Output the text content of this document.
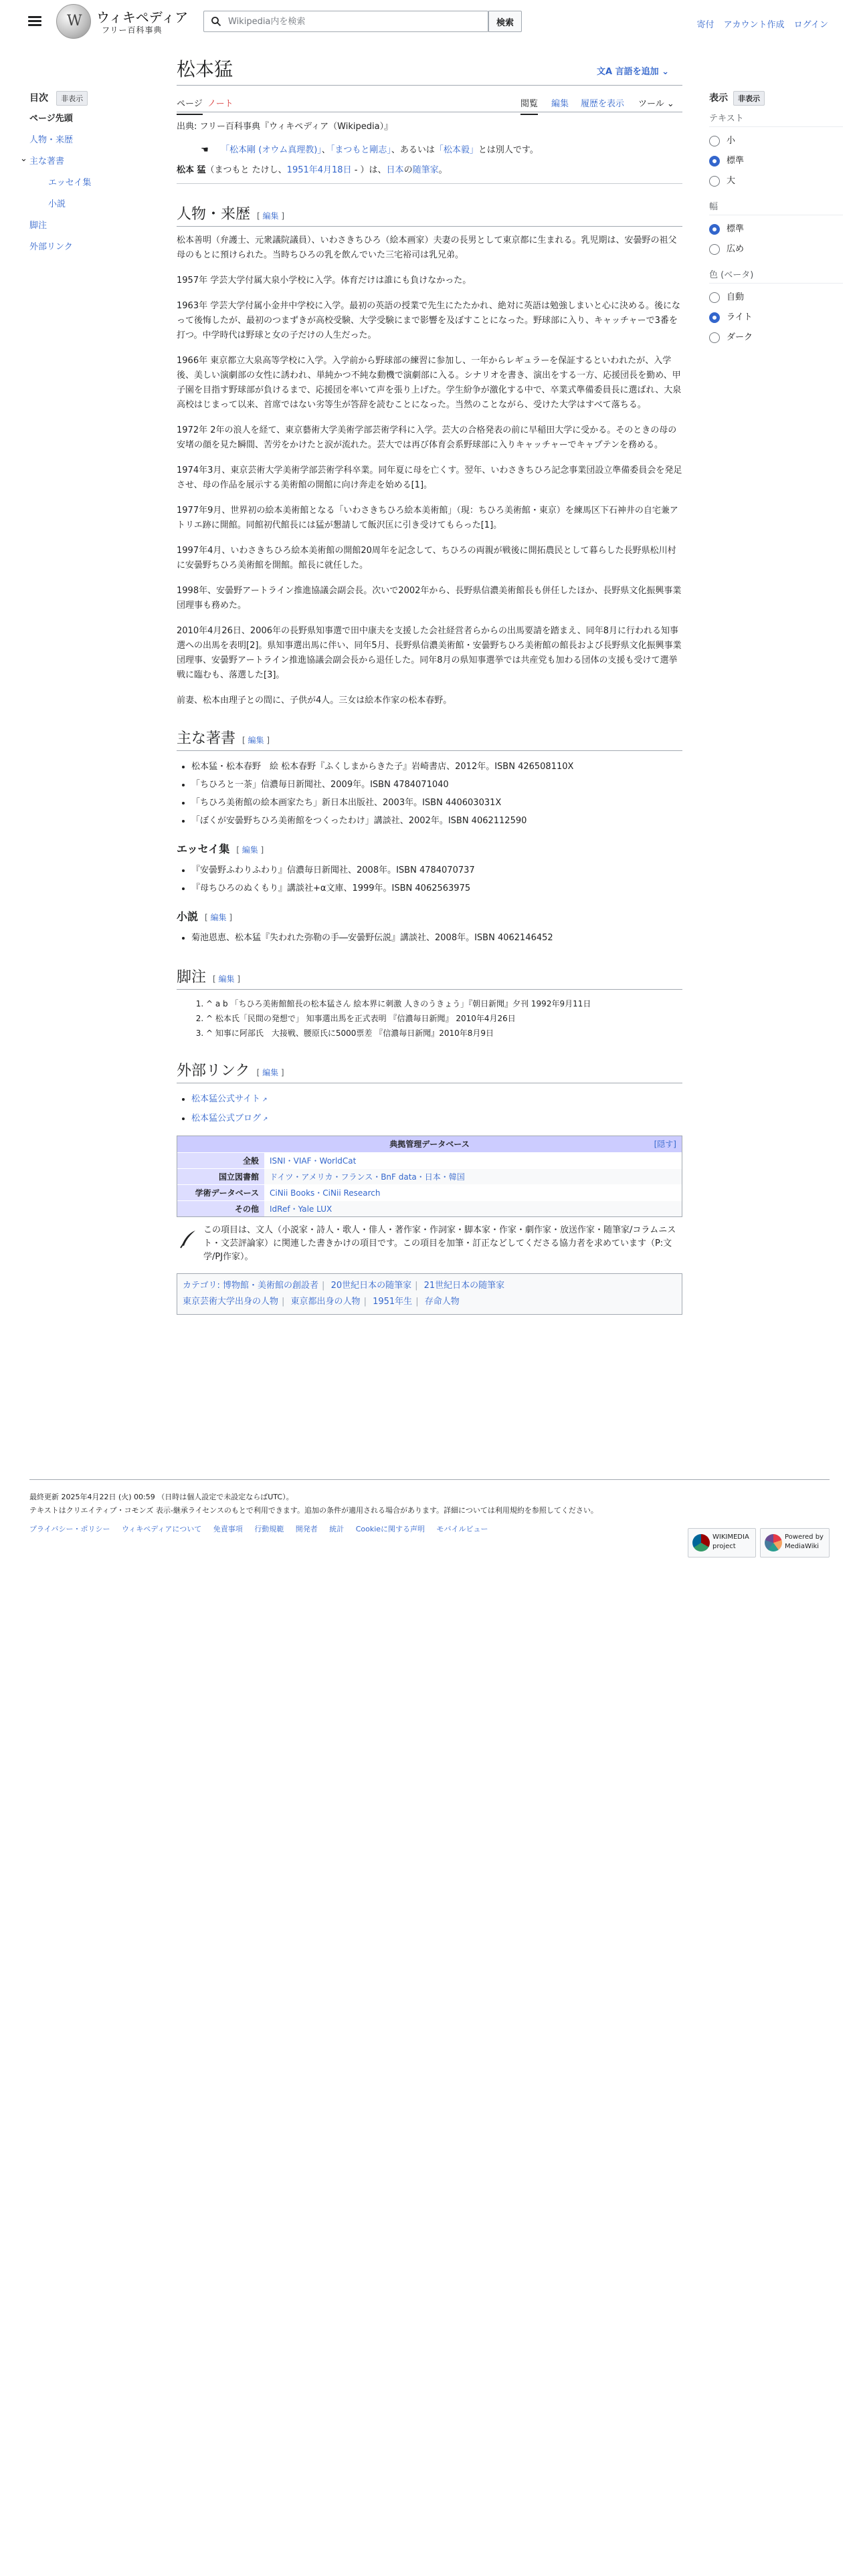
W
ウィキペディア
フリー百科事典
Wikipedia内を検索
検索	寄付 アカウント作成 ログイン
目次 非表示
ページ先頭
人物・来歴
⌄ 主な著書
エッセイ集
小説
脚注
外部リンク
松本猛	文A 言語を追加 ⌄
ページ ノート	閲覧 編集 履歴を表示 ツール ⌄
出典: フリー百科事典『ウィキペディア（Wikipedia）』
☚ 「松本剛 (オウム真理教)」、「まつもと剛志」、あるいは「松本毅」とは別人です。
松本 猛（まつもと たけし、1951年4月18日 - ）は、日本の随筆家。
人物・来歴 [ 編集 ]

松本善明（弁護士、元衆議院議員）、いわさきちひろ（絵本画家）夫妻の長男として東京都に生まれる。乳児期は、安曇野の祖父母のもとに預けられた。当時ちひろの乳を飲んでいた三宅裕司は乳兄弟。

1957年 学芸大学付属大泉小学校に入学。体育だけは誰にも負けなかった。

1963年 学芸大学付属小金井中学校に入学。最初の英語の授業で先生にたたかれ、絶対に英語は勉強しまいと心に決める。後になって後悔したが、最初のつまずきが高校受験、大学受験にまで影響を及ぼすことになった。野球部に入り、キャッチャーで3番を打つ。中学時代は野球と女の子だけの人生だった。

1966年 東京都立大泉高等学校に入学。入学前から野球部の練習に参加し、一年からレギュラーを保証するといわれたが、入学後、美しい演劇部の女性に誘われ、単純かつ不純な動機で演劇部に入る。シナリオを書き、演出をする一方、応援団長を勤め、甲子園を目指す野球部が負けるまで、応援団を率いて声を張り上げた。学生紛争が激化する中で、卒業式準備委員長に選ばれ、大泉高校はじまって以来、首席ではない劣等生が答辞を読むことになった。当然のことながら、受けた大学はすべて落ちる。

1972年 2年の浪人を経て、東京藝術大学美術学部芸術学科に入学。芸大の合格発表の前に早稲田大学に受かる。そのときの母の安堵の顔を見た瞬間、苦労をかけたと涙が流れた。芸大では再び体育会系野球部に入りキャッチャーでキャプテンを務める。

1974年3月、東京芸術大学美術学部芸術学科卒業。同年夏に母を亡くす。翌年、いわさきちひろ記念事業団設立準備委員会を発足させ、母の作品を展示する美術館の開館に向け奔走を始める[1]。

1977年9月、世界初の絵本美術館となる「いわさきちひろ絵本美術館」（現：ちひろ美術館・東京）を練馬区下石神井の自宅兼アトリエ跡に開館。同館初代館長には猛が懇請して飯沢匡に引き受けてもらった[1]。

1997年4月、いわさきちひろ絵本美術館の開館20周年を記念して、ちひろの両親が戦後に開拓農民として暮らした長野県松川村に安曇野ちひろ美術館を開館。館長に就任した。

1998年、安曇野アートライン推進協議会副会長。次いで2002年から、長野県信濃美術館長も併任したほか、長野県文化振興事業団理事も務めた。

2010年4月26日、2006年の長野県知事選で田中康夫を支援した会社経営者らからの出馬要請を踏まえ、同年8月に行われる知事選への出馬を表明[2]。県知事選出馬に伴い、同年5月、長野県信濃美術館・安曇野ちひろ美術館の館長および長野県文化振興事業団理事、安曇野アートライン推進協議会副会長から退任した。同年8月の県知事選挙では共産党も加わる団体の支援も受けて選挙戦に臨むも、落選した[3]。

前妻、松本由理子との間に、子供が4人。三女は絵本作家の松本春野。

主な著書 [ 編集 ]
• 松本猛・松本春野　絵 松本春野『ふくしまからきた子』岩崎書店、2012年。ISBN 426508110X
• 「ちひろと一茶」信濃毎日新聞社、2009年。ISBN 4784071040
• 「ちひろ美術館の絵本画家たち」新日本出版社、2003年。ISBN 440603031X
• 「ぼくが安曇野ちひろ美術館をつくったわけ」講談社、2002年。ISBN 4062112590
エッセイ集 [ 編集 ]
• 『安曇野ふわりふわり』信濃毎日新聞社、2008年。ISBN 4784070737
• 『母ちひろのぬくもり』講談社+α文庫、1999年。ISBN 4062563975
小説 [ 編集 ]
• 菊池恩恵、松本猛『失われた弥勒の手―安曇野伝説』講談社、2008年。ISBN 4062146452
脚注 [ 編集 ]
1. ^ a b 「ちひろ美術館館長の松本猛さん 絵本界に刺激 人きのうきょう」『朝日新聞』夕刊 1992年9月11日
2. ^ 松本氏「民間の発想で」 知事選出馬を正式表明 『信濃毎日新聞』 2010年4月26日
3. ^ 知事に阿部氏　大接戦、腰原氏に5000票差 『信濃毎日新聞』2010年8月9日
外部リンク [ 編集 ]
• 松本猛公式サイト ↗
• 松本猛公式ブログ ↗
典拠管理データベース	[隠す]
全般	ISNI・VIAF・WorldCat
国立図書館	ドイツ・アメリカ・フランス・BnF data・日本・韓国
学術データベース	CiNii Books・CiNii Research
その他	IdRef・Yale LUX
この項目は、文人（小説家・詩人・歌人・俳人・著作家・作詞家・脚本家・作家・劇作家・放送作家・随筆家/コラムニスト・文芸評論家）に関連した書きかけの項目です。この項目を加筆・訂正などしてくださる協力者を求めています（P:文学/PJ作家）。
カテゴリ: 博物館・美術館の創設者 | 20世紀日本の随筆家 | 21世紀日本の随筆家
東京芸術大学出身の人物 | 東京都出身の人物 | 1951年生 | 存命人物
表示 非表示
テキスト
小
標準
大
幅
標準
広め
色 (ベータ)
自動
ライト
ダーク
最終更新 2025年4月22日 (火) 00:59 （日時は個人設定で未設定ならばUTC）。
テキストはクリエイティブ・コモンズ 表示-継承ライセンスのもとで利用できます。追加の条件が適用される場合があります。詳細については利用規約を参照してください。
プライバシー・ポリシー ウィキペディアについて 免責事項 行動規範 開発者 統計 Cookieに関する声明 モバイルビュー
WIKIMEDIA project
Powered by MediaWiki
